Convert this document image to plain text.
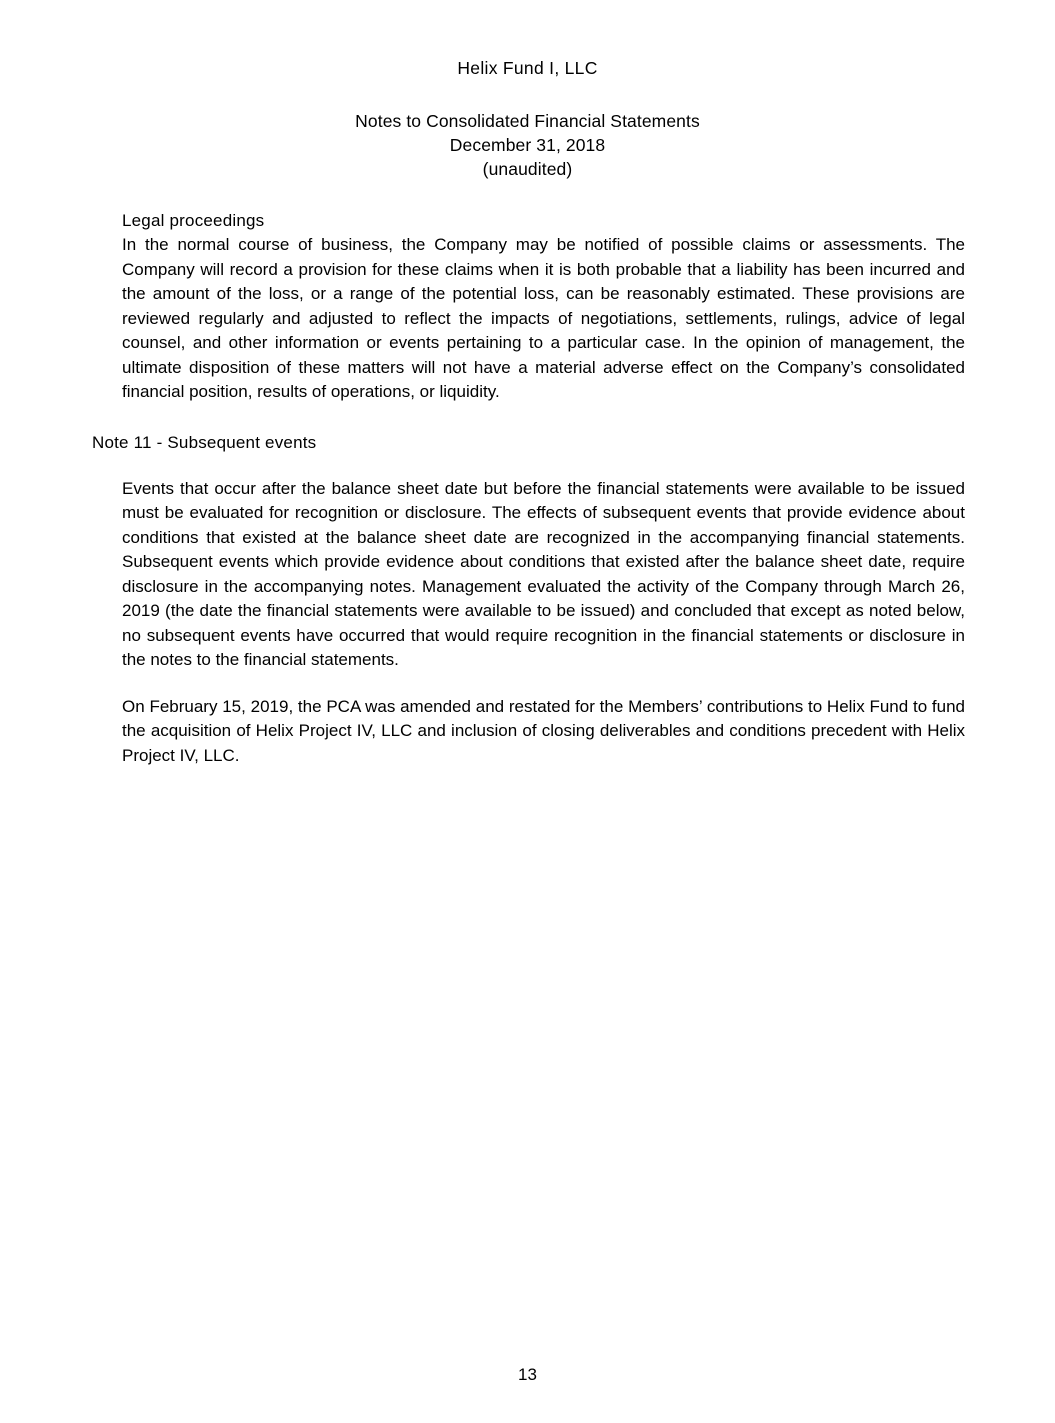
Helix Fund I, LLC
Notes to Consolidated Financial Statements
December 31, 2018
(unaudited)
Legal proceedings
In the normal course of business, the Company may be notified of possible claims or assessments. The Company will record a provision for these claims when it is both probable that a liability has been incurred and the amount of the loss, or a range of the potential loss, can be reasonably estimated. These provisions are reviewed regularly and adjusted to reflect the impacts of negotiations, settlements, rulings, advice of legal counsel, and other information or events pertaining to a particular case. In the opinion of management, the ultimate disposition of these matters will not have a material adverse effect on the Company’s consolidated financial position, results of operations, or liquidity.
Note 11 - Subsequent events
Events that occur after the balance sheet date but before the financial statements were available to be issued must be evaluated for recognition or disclosure. The effects of subsequent events that provide evidence about conditions that existed at the balance sheet date are recognized in the accompanying financial statements. Subsequent events which provide evidence about conditions that existed after the balance sheet date, require disclosure in the accompanying notes. Management evaluated the activity of the Company through March 26, 2019 (the date the financial statements were available to be issued) and concluded that except as noted below, no subsequent events have occurred that would require recognition in the financial statements or disclosure in the notes to the financial statements.
On February 15, 2019, the PCA was amended and restated for the Members’ contributions to Helix Fund to fund the acquisition of Helix Project IV, LLC and inclusion of closing deliverables and conditions precedent with Helix Project IV, LLC.
13
